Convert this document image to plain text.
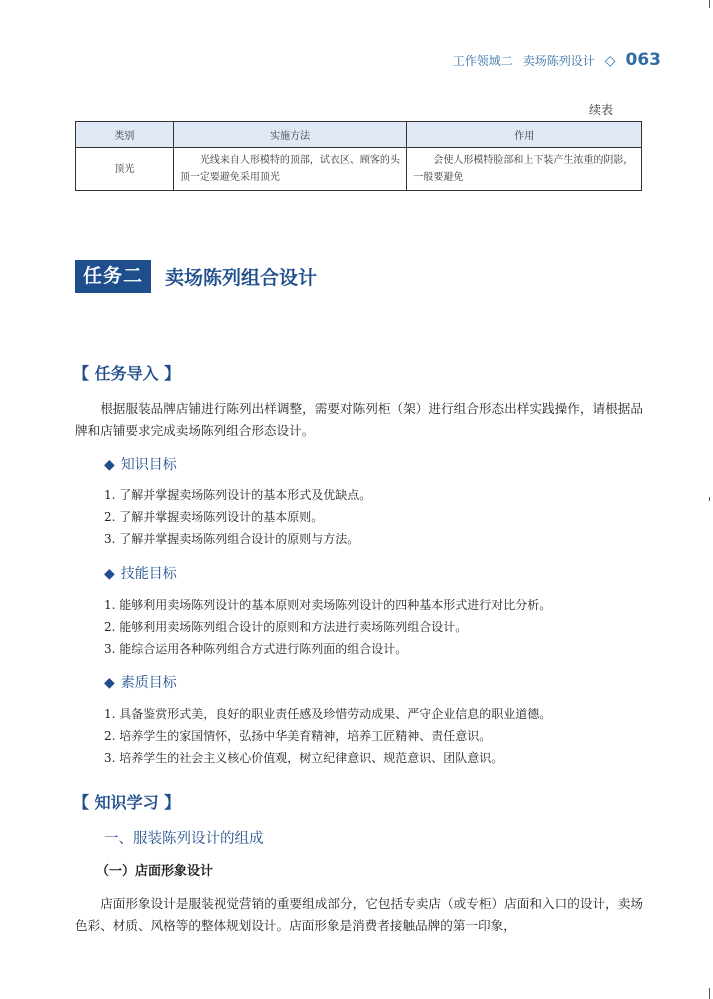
工作领域二 卖场陈列设计 ◇ 063
续表
类别	实施方法	作用
顶光	光线来自人形模特的顶部，试衣区、顾客的头顶一定要避免采用顶光	会使人形模特脸部和上下装产生浓重的阴影，一般要避免
任务二	卖场陈列组合设计
【 任务导入 】
根据服装品牌店铺进行陈列出样调整，需要对陈列柜（架）进行组合形态出样实践操作，请根据品牌和店铺要求完成卖场陈列组合形态设计。
◆ 知识目标
1. 了解并掌握卖场陈列设计的基本形式及优缺点。
2. 了解并掌握卖场陈列设计的基本原则。
3. 了解并掌握卖场陈列组合设计的原则与方法。
◆ 技能目标
1. 能够利用卖场陈列设计的基本原则对卖场陈列设计的四种基本形式进行对比分析。
2. 能够利用卖场陈列组合设计的原则和方法进行卖场陈列组合设计。
3. 能综合运用各种陈列组合方式进行陈列面的组合设计。
◆ 素质目标
1. 具备鉴赏形式美，良好的职业责任感及珍惜劳动成果、严守企业信息的职业道德。
2. 培养学生的家国情怀，弘扬中华美育精神，培养工匠精神、责任意识。
3. 培养学生的社会主义核心价值观，树立纪律意识、规范意识、团队意识。
【 知识学习 】
一、服装陈列设计的组成
（一）店面形象设计
店面形象设计是服装视觉营销的重要组成部分，它包括专卖店（或专柜）店面和入口的设计，卖场色彩、材质、风格等的整体规划设计。店面形象是消费者接触品牌的第一印象，
